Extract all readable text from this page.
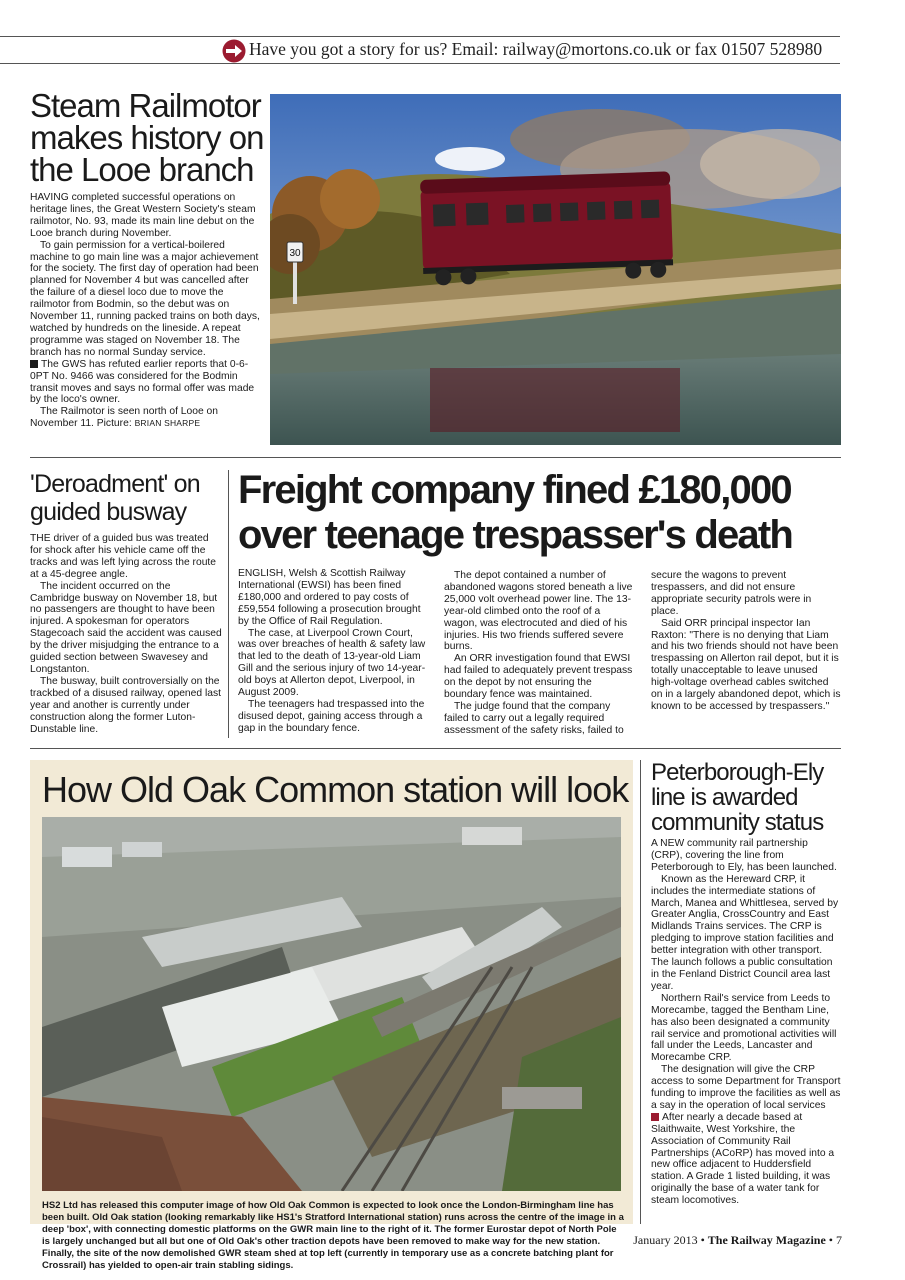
Have you got a story for us? Email: railway@mortons.co.uk or fax 01507 528980
Steam Railmotor
makes history on
the Looe branch

HAVING completed successful operations on heritage lines, the Great Western Society's steam railmotor, No. 93, made its main line debut on the Looe branch during November.

To gain permission for a vertical-boilered machine to go main line was a major achievement for the society. The first day of operation had been planned for November 4 but was cancelled after the failure of a diesel loco due to move the railmotor from Bodmin, so the debut was on November 11, running packed trains on both days, watched by hundreds on the lineside. A repeat programme was staged on November 18. The branch has no normal Sunday service.

The GWS has refuted earlier reports that 0-6-0PT No. 9466 was considered for the Bodmin transit moves and says no formal offer was made by the loco's owner.

The Railmotor is seen north of Looe on November 11. Picture: BRIAN SHARPE

30
'Deroadment' on
guided busway

THE driver of a guided bus was treated for shock after his vehicle came off the tracks and was left lying across the route at a 45-degree angle.

The incident occurred on the Cambridge busway on November 18, but no passengers are thought to have been injured. A spokesman for operators Stagecoach said the accident was caused by the driver misjudging the entrance to a guided section between Swavesey and Longstanton.

The busway, built controversially on the trackbed of a disused railway, opened last year and another is currently under construction along the former Luton-Dunstable line.

Freight company fined £180,000
over teenage trespasser's death

ENGLISH, Welsh & Scottish Railway International (EWSI) has been fined £180,000 and ordered to pay costs of £59,554 following a prosecution brought by the Office of Rail Regulation.

The case, at Liverpool Crown Court, was over breaches of health & safety law that led to the death of 13-year-old Liam Gill and the serious injury of two 14-year-old boys at Allerton depot, Liverpool, in August 2009.

The teenagers had trespassed into the disused depot, gaining access through a gap in the boundary fence.

The depot contained a number of abandoned wagons stored beneath a live 25,000 volt overhead power line. The 13-year-old climbed onto the roof of a wagon, was electrocuted and died of his injuries. His two friends suffered severe burns.

An ORR investigation found that EWSI had failed to adequately prevent trespass on the depot by not ensuring the boundary fence was maintained.

The judge found that the company failed to carry out a legally required assessment of the safety risks, failed to

secure the wagons to prevent trespassers, and did not ensure appropriate security patrols were in place.

Said ORR principal inspector Ian Raxton: "There is no denying that Liam and his two friends should not have been trespassing on Allerton rail depot, but it is totally unacceptable to leave unused high-voltage overhead cables switched on in a largely abandoned depot, which is known to be accessed by trespassers."

How Old Oak Common station will look
HS2 Ltd has released this computer image of how Old Oak Common is expected to look once the London-Birmingham line has been built. Old Oak station (looking remarkably like HS1's Stratford International station) runs across the centre of the image in a deep 'box', with connecting domestic platforms on the GWR main line to the right of it. The former Eurostar depot of North Pole is largely unchanged but all but one of Old Oak's other traction depots have been removed to make way for the new station. Finally, the site of the now demolished GWR steam shed at top left (currently in temporary use as a concrete batching plant for Crossrail) has yielded to open-air train stabling sidings.
Peterborough-Ely
line is awarded
community status

A NEW community rail partnership (CRP), covering the line from Peterborough to Ely, has been launched.

Known as the Hereward CRP, it includes the intermediate stations of March, Manea and Whittlesea, served by Greater Anglia, CrossCountry and East Midlands Trains services. The CRP is pledging to improve station facilities and better integration with other transport. The launch follows a public consultation in the Fenland District Council area last year.

Northern Rail's service from Leeds to Morecambe, tagged the Bentham Line, has also been designated a community rail service and promotional activities will fall under the Leeds, Lancaster and Morecambe CRP.

The designation will give the CRP access to some Department for Transport funding to improve the facilities as well as a say in the operation of local services

After nearly a decade based at Slaithwaite, West Yorkshire, the Association of Community Rail Partnerships (ACoRP) has moved into a new office adjacent to Huddersfield station. A Grade 1 listed building, it was originally the base of a water tank for steam locomotives.

January 2013 • The Railway Magazine • 7
